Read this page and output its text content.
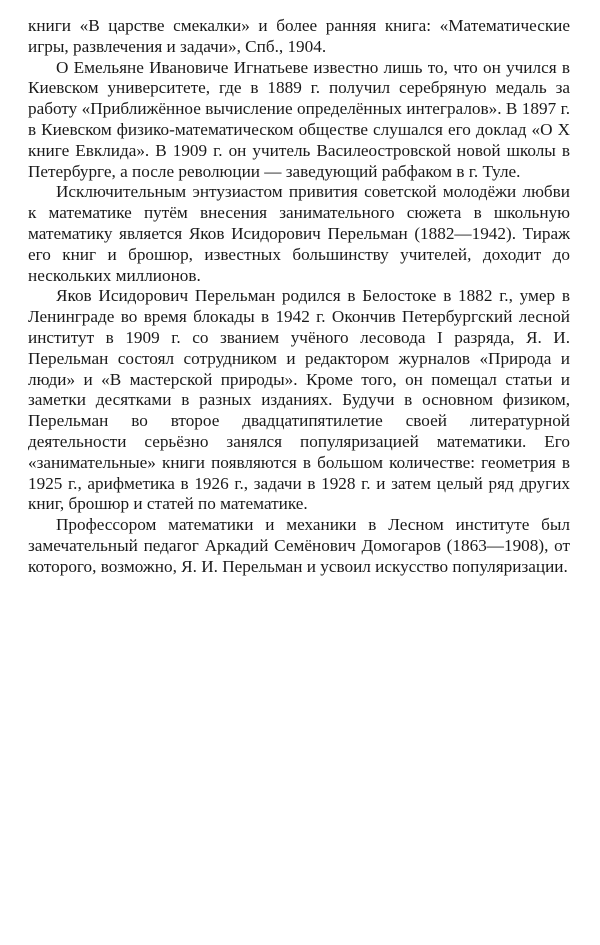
книги «В царстве смекалки» и более ранняя книга: «Математические игры, развлечения и задачи», Спб., 1904.

О Емельяне Ивановиче Игнатьеве известно лишь то, что он учился в Киевском университете, где в 1889 г. получил серебряную медаль за работу «Приближённое вычисление определённых интегралов». В 1897 г. в Киевском физико-математическом обществе слушался его доклад «О X книге Евклида». В 1909 г. он учитель Василеостровской новой школы в Петербурге, а после революции — заведующий рабфаком в г. Туле.

Исключительным энтузиастом привития советской молодёжи любви к математике путём внесения занимательного сюжета в школьную математику является Яков Исидорович Перельман (1882—1942). Тираж его книг и брошюр, известных большинству учителей, доходит до нескольких миллионов.

Яков Исидорович Перельман родился в Белостоке в 1882 г., умер в Ленинграде во время блокады в 1942 г. Окончив Петербургский лесной институт в 1909 г. со званием учёного лесовода I разряда, Я. И. Перельман состоял сотрудником и редактором журналов «Природа и люди» и «В мастерской природы». Кроме того, он помещал статьи и заметки десятками в разных изданиях. Будучи в основном физиком, Перельман во второе двадцатипятилетие своей литературной деятельности серьёзно занялся популяризацией математики. Его «занимательные» книги появляются в большом количестве: геометрия в 1925 г., арифметика в 1926 г., задачи в 1928 г. и затем целый ряд других книг, брошюр и статей по математике.

Профессором математики и механики в Лесном институте был замечательный педагог Аркадий Семёнович Домогаров (1863—1908), от которого, возможно, Я. И. Перельман и усвоил искусство популяризации.
